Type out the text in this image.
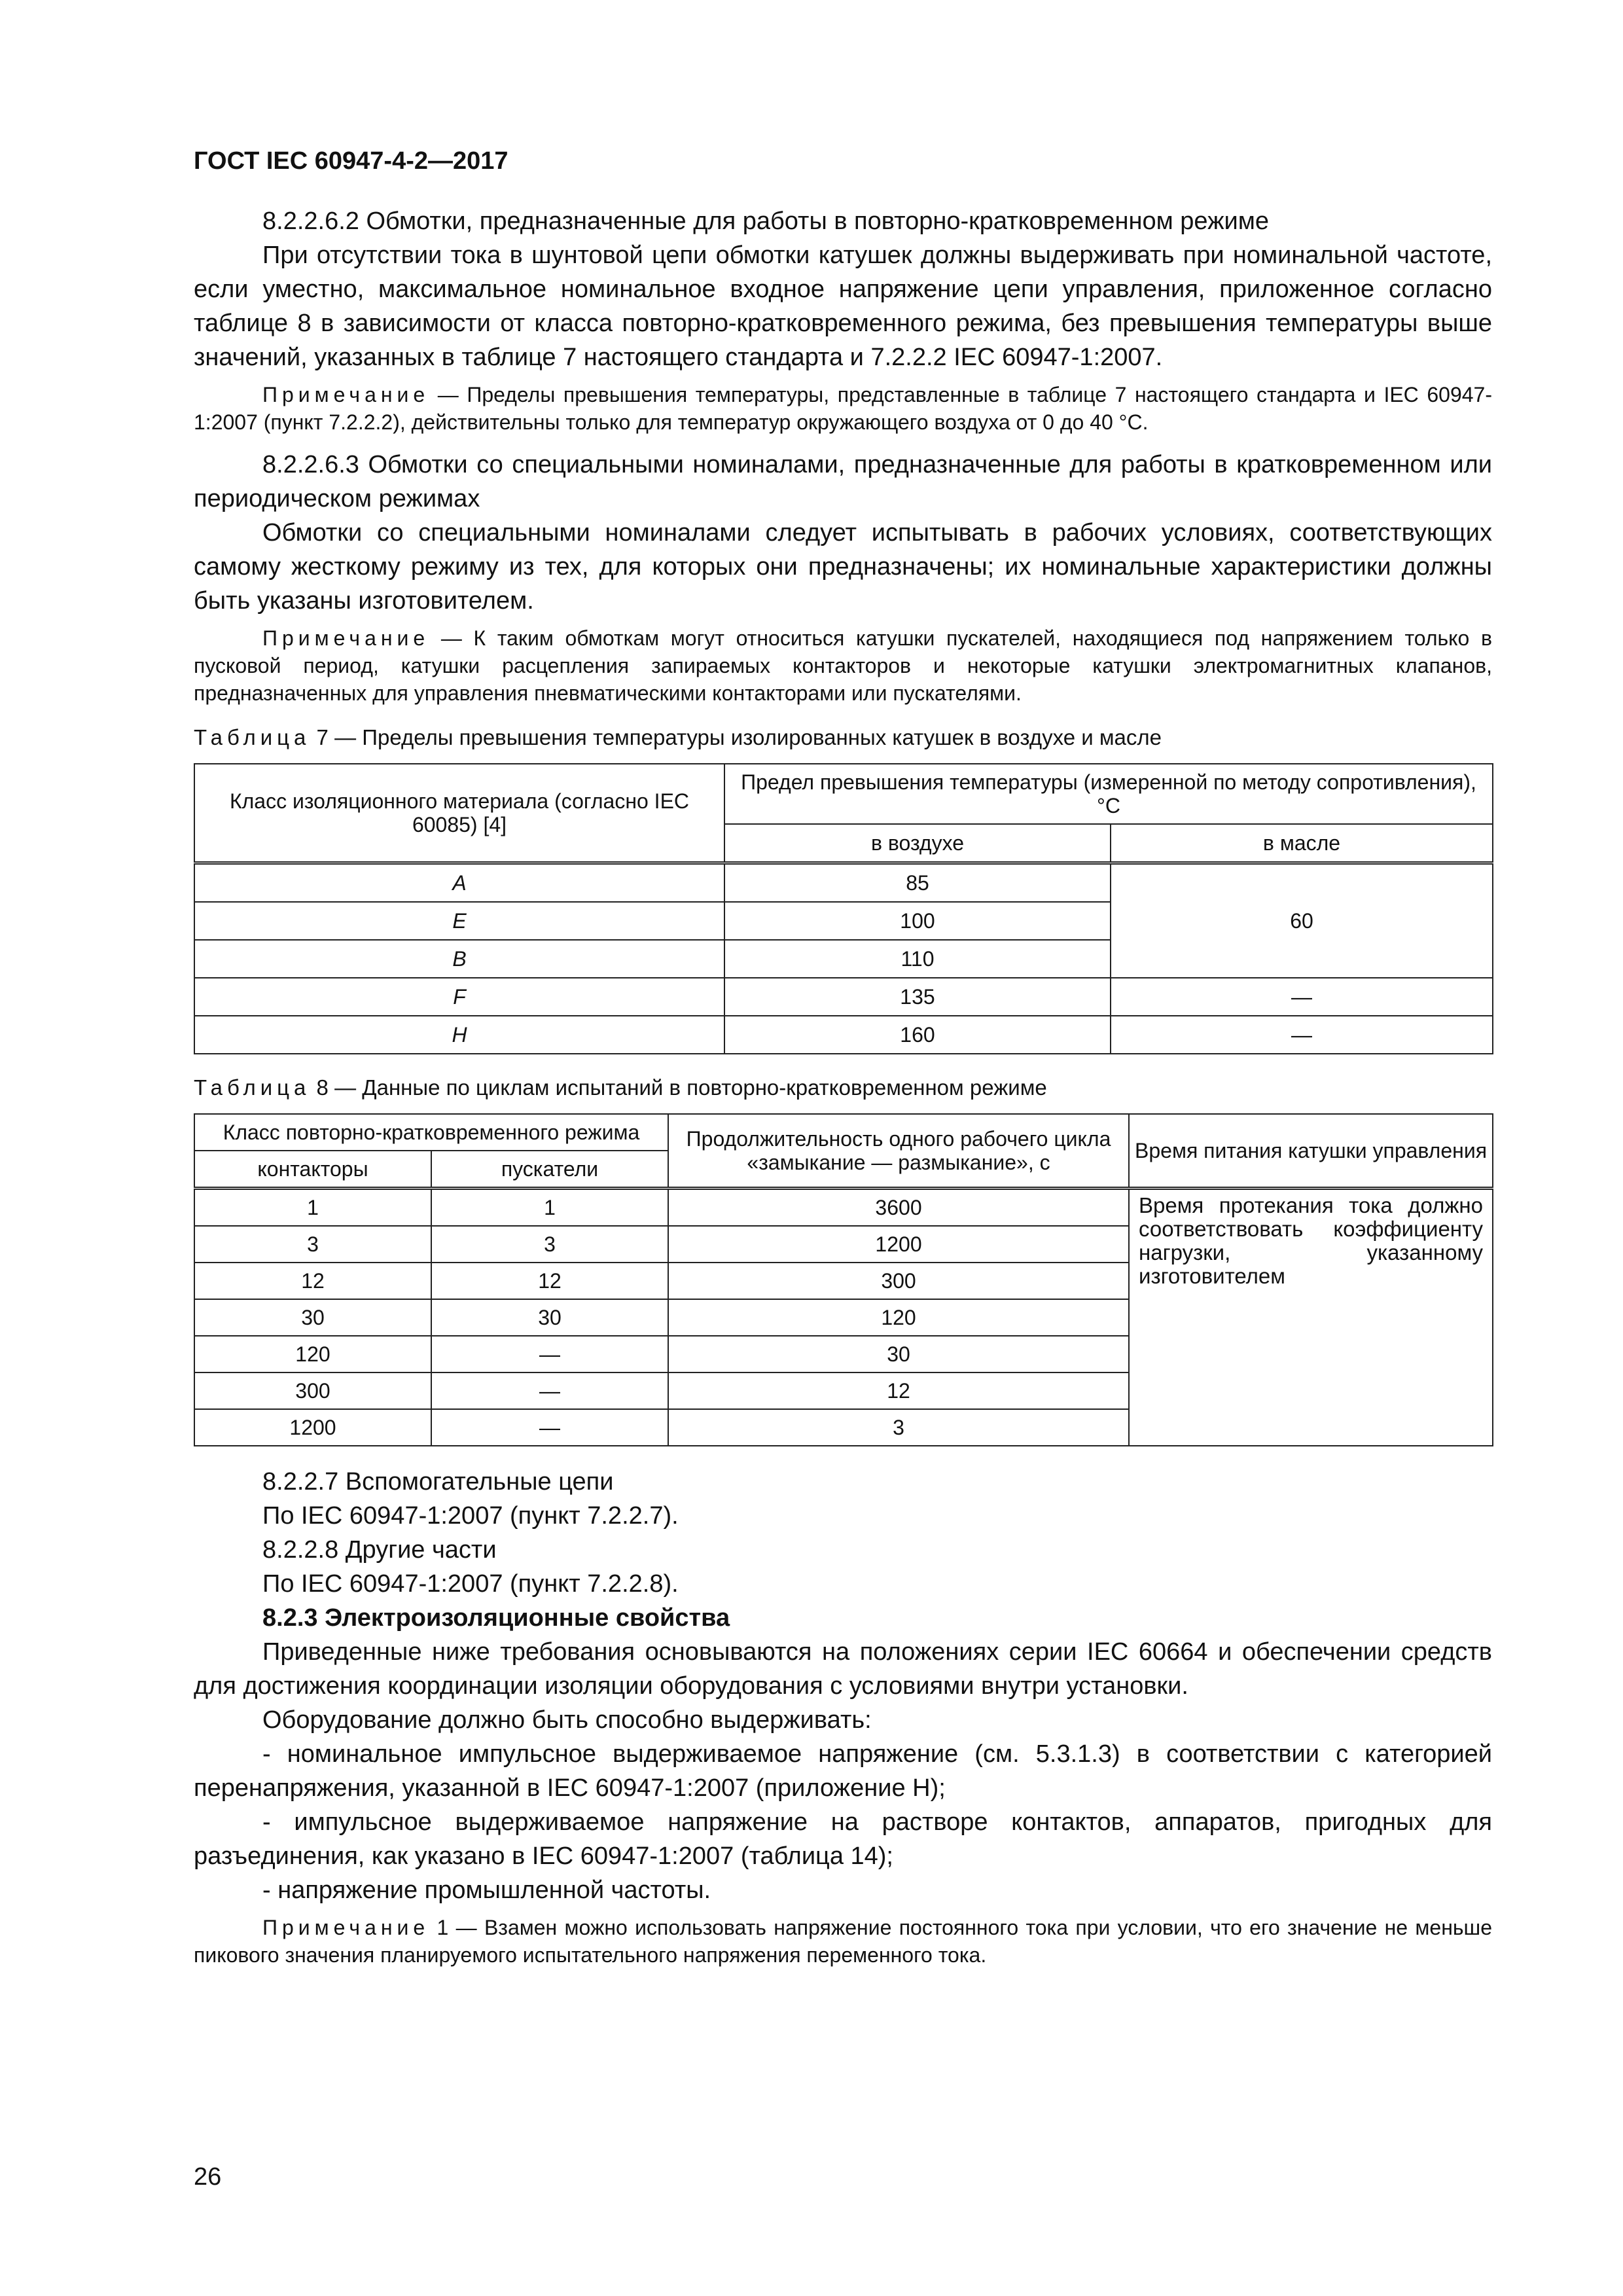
ГОСТ IEC 60947-4-2—2017

8.2.2.6.2 Обмотки, предназначенные для работы в повторно-кратковременном режиме

При отсутствии тока в шунтовой цепи обмотки катушек должны выдерживать при номинальной частоте, если уместно, максимальное номинальное входное напряжение цепи управления, приложенное согласно таблице 8 в зависимости от класса повторно-кратковременного режима, без превышения температуры выше значений, указанных в таблице 7 настоящего стандарта и 7.2.2.2 IEC 60947-1:2007.

Примечание — Пределы превышения температуры, представленные в таблице 7 настоящего стандарта и IEC 60947-1:2007 (пункт 7.2.2.2), действительны только для температур окружающего воздуха от 0 до 40 °С.

8.2.2.6.3 Обмотки со специальными номиналами, предназначенные для работы в кратковременном или периодическом режимах

Обмотки со специальными номиналами следует испытывать в рабочих условиях, соответствующих самому жесткому режиму из тех, для которых они предназначены; их номинальные характеристики должны быть указаны изготовителем.

Примечание — К таким обмоткам могут относиться катушки пускателей, находящиеся под напряжением только в пусковой период, катушки расцепления запираемых контакторов и некоторые катушки электромагнитных клапанов, предназначенных для управления пневматическими контакторами или пускателями.

Таблица 7 — Пределы превышения температуры изолированных катушек в воздухе и масле
Класс изоляционного материала (согласно IEC 60085) [4]	Предел превышения температуры (измеренной по методу сопротивления), °С	
	в воздухе	в масле
A	85	60
E	100	
B	110	
F	135	—
H	160	—
Таблица 8 — Данные по циклам испытаний в повторно-кратковременном режиме
Класс повторно-кратковременного режима		Продолжительность одного рабочего цикла «замыкание — размыкание», с	Время питания катушки управления
контакторы	пускатели		
1	1	3600	Время протекания тока должно соответствовать коэффициенту нагрузки, указанному изготовителем
3	3	1200	
12	12	300	
30	30	120	
120	—	30	
300	—	12	
1200	—	3	

8.2.2.7 Вспомогательные цепи

По IEC 60947-1:2007 (пункт 7.2.2.7).

8.2.2.8 Другие части

По IEC 60947-1:2007 (пункт 7.2.2.8).

8.2.3 Электроизоляционные свойства

Приведенные ниже требования основываются на положениях серии IEC 60664 и обеспечении средств для достижения координации изоляции оборудования с условиями внутри установки.

Оборудование должно быть способно выдерживать:

- номинальное импульсное выдерживаемое напряжение (см. 5.3.1.3) в соответствии с категорией перенапряжения, указанной в IEC 60947-1:2007 (приложение Н);

- импульсное выдерживаемое напряжение на растворе контактов, аппаратов, пригодных для разъединения, как указано в IEC 60947-1:2007 (таблица 14);

- напряжение промышленной частоты.

Примечание 1 — Взамен можно использовать напряжение постоянного тока при условии, что его значение не меньше пикового значения планируемого испытательного напряжения переменного тока.

26
